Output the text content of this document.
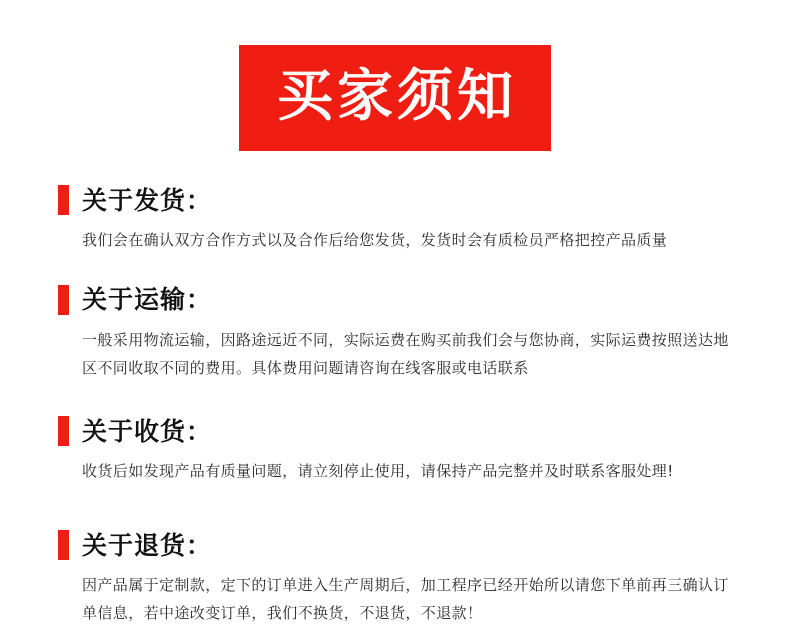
买家须知
关于发货：
我们会在确认双方合作方式以及合作后给您发货，发货时会有质检员严格把控产品质量
关于运输：
一般采用物流运输，因路途远近不同，实际运费在购买前我们会与您协商，实际运费按照送达地区不同收取不同的费用。具体费用问题请咨询在线客服或电话联系
关于收货：
收货后如发现产品有质量问题，请立刻停止使用，请保持产品完整并及时联系客服处理!
关于退货：
因产品属于定制款，定下的订单进入生产周期后，加工程序已经开始所以请您下单前再三确认订单信息，若中途改变订单，我们不换货，不退货，不退款！
